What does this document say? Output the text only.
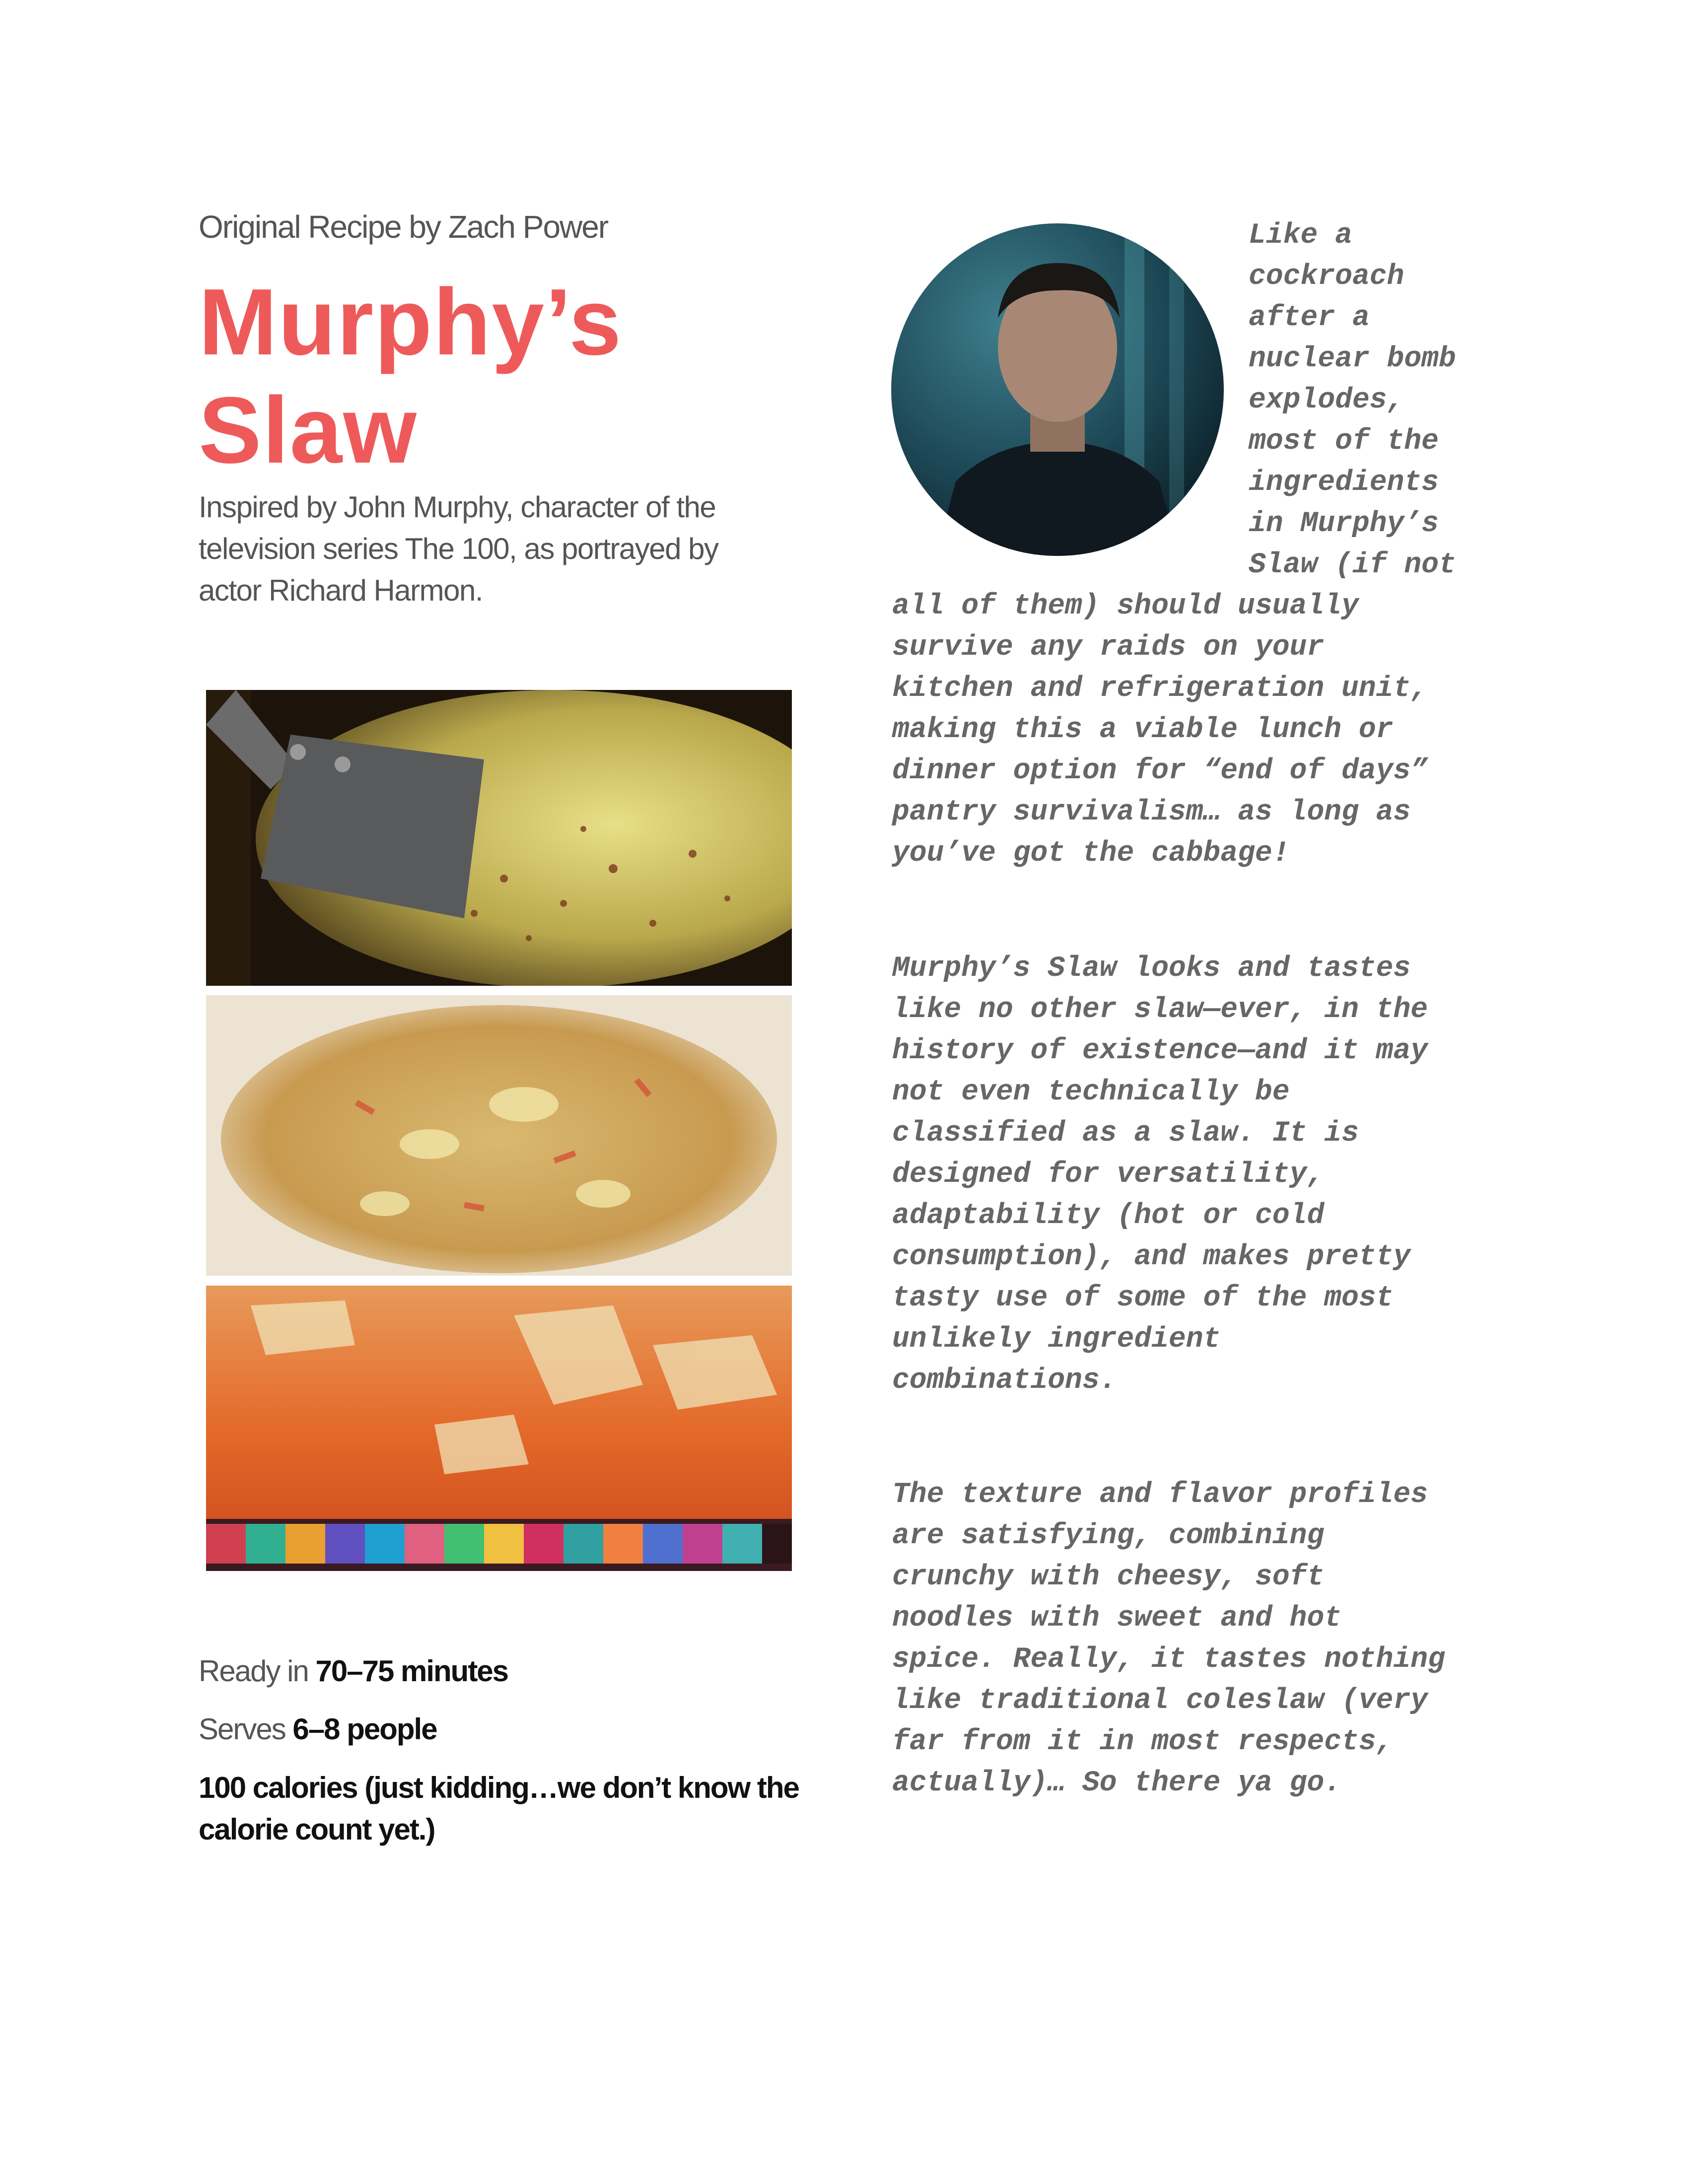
Original Recipe by Zach Power

Murphy’s
Slaw

Inspired by John Murphy, character of the television series The 100, as portrayed by actor Richard Harmon.

Ready in 70–75 minutes

Serves 6–8 people

100 calories (just kidding…we don’t know the calorie count yet.)

Like a

cockroach

after a

nuclear bomb

explodes,

most of the

ingredients

in Murphy’s

Slaw (if not

all of them) should usually

survive any raids on your

kitchen and refrigeration unit,

making this a viable lunch or

dinner option for “end of days”

pantry survivalism… as long as

you’ve got the cabbage!

Murphy’s Slaw looks and tastes

like no other slaw—ever, in the

history of existence—and it may

not even technically be

classified as a slaw. It is

designed for versatility,

adaptability (hot or cold

consumption), and makes pretty

tasty use of some of the most

unlikely ingredient

combinations.

The texture and flavor profiles

are satisfying, combining

crunchy with cheesy, soft

noodles with sweet and hot

spice. Really, it tastes nothing

like traditional coleslaw (very

far from it in most respects,

actually)… So there ya go.
